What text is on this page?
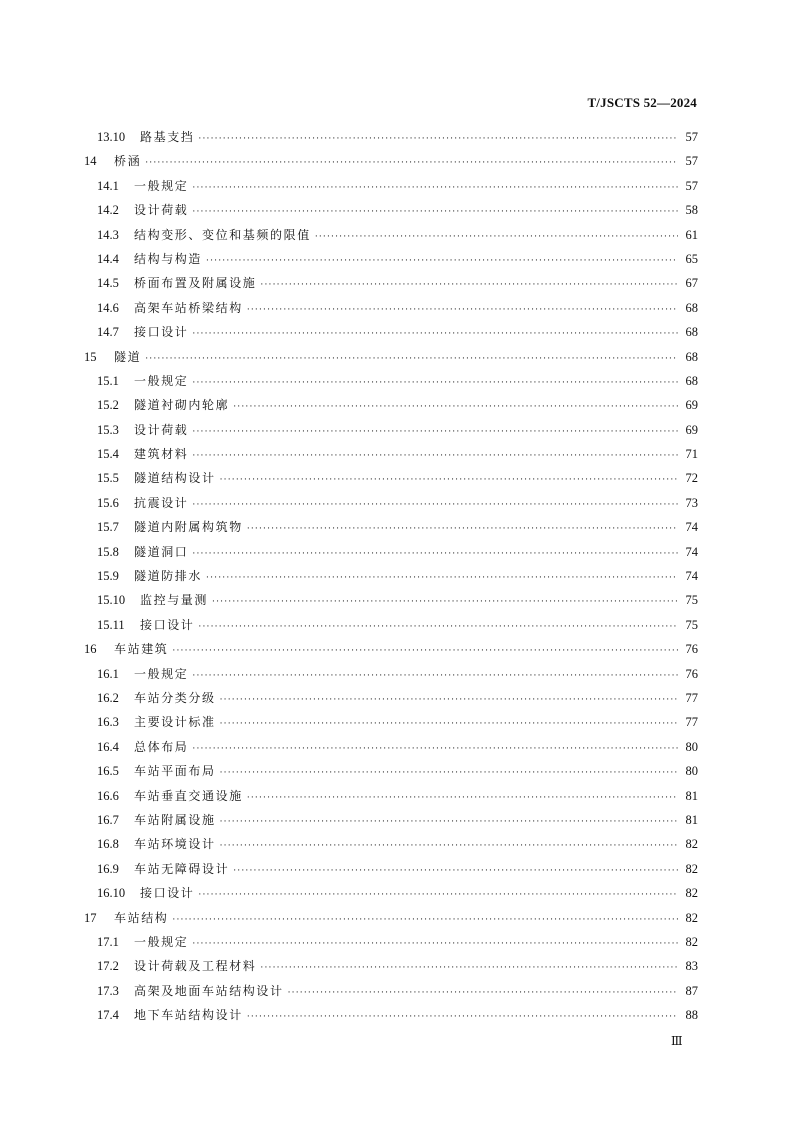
T/JSCTS 52—2024
13.10	路基支挡 ·····	57
14	桥涵 ·····	57
14.1	一般规定 ·····	57
14.2	设计荷载 ·····	58
14.3	结构变形、变位和基频的限值 ·····	61
14.4	结构与构造 ·····	65
14.5	桥面布置及附属设施 ·····	67
14.6	高架车站桥梁结构 ·····	68
14.7	接口设计 ·····	68
15	隧道 ·····	68
15.1	一般规定 ·····	68
15.2	隧道衬砌内轮廓 ·····	69
15.3	设计荷载 ·····	69
15.4	建筑材料 ·····	71
15.5	隧道结构设计 ·····	72
15.6	抗震设计 ·····	73
15.7	隧道内附属构筑物 ·····	74
15.8	隧道洞口 ·····	74
15.9	隧道防排水 ·····	74
15.10	监控与量测 ·····	75
15.11	接口设计 ·····	75
16	车站建筑 ·····	76
16.1	一般规定 ·····	76
16.2	车站分类分级 ·····	77
16.3	主要设计标准 ·····	77
16.4	总体布局 ·····	80
16.5	车站平面布局 ·····	80
16.6	车站垂直交通设施 ·····	81
16.7	车站附属设施 ·····	81
16.8	车站环境设计 ·····	82
16.9	车站无障碍设计 ·····	82
16.10	接口设计 ·····	82
17	车站结构 ·····	82
17.1	一般规定 ·····	82
17.2	设计荷载及工程材料 ·····	83
17.3	高架及地面车站结构设计 ·····	87
17.4	地下车站结构设计 ·····	88
Ⅲ
